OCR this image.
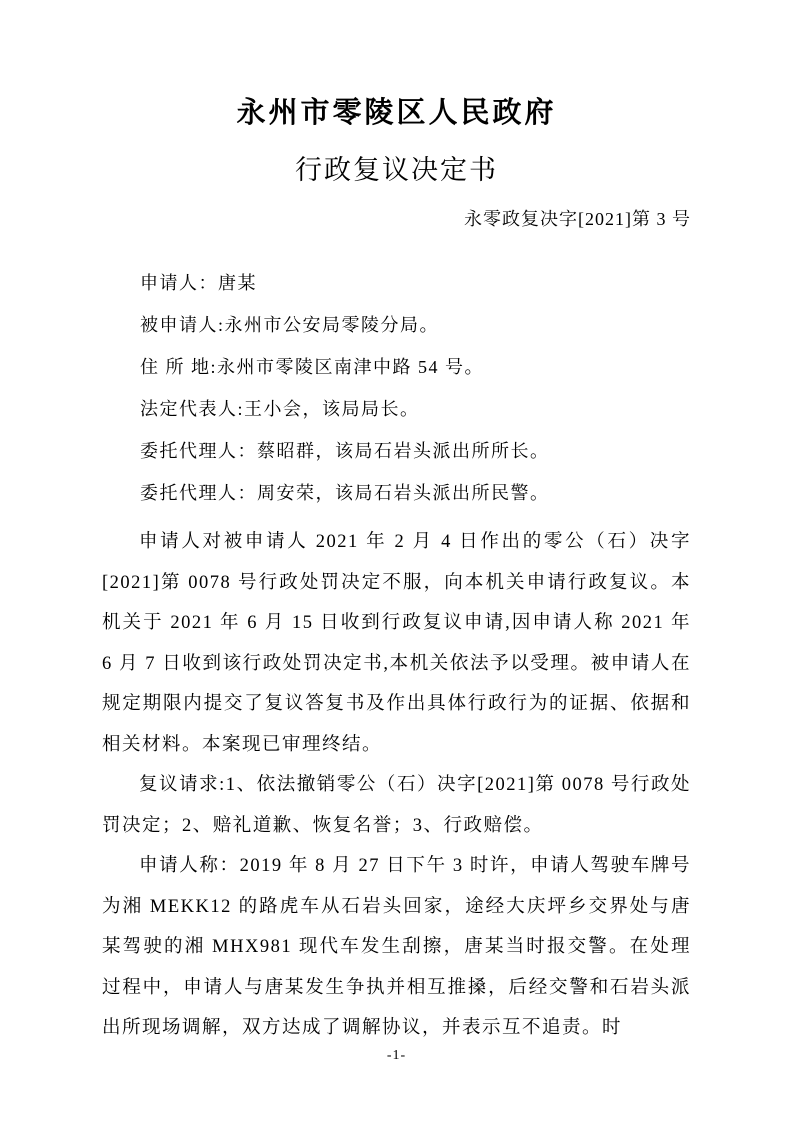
永州市零陵区人民政府
行政复议决定书
永零政复决字[2021]第 3 号

申请人：唐某

被申请人:永州市公安局零陵分局。

住 所 地:永州市零陵区南津中路 54 号。

法定代表人:王小会，该局局长。

委托代理人：蔡昭群，该局石岩头派出所所长。

委托代理人：周安荣，该局石岩头派出所民警。

申请人对被申请人 2021 年 2 月 4 日作出的零公（石）决字[2021]第 0078 号行政处罚决定不服，向本机关申请行政复议。本机关于 2021 年 6 月 15 日收到行政复议申请,因申请人称 2021 年 6 月 7 日收到该行政处罚决定书,本机关依法予以受理。被申请人在规定期限内提交了复议答复书及作出具体行政行为的证据、依据和相关材料。本案现已审理终结。

复议请求:1、依法撤销零公（石）决字[2021]第 0078 号行政处罚决定；2、赔礼道歉、恢复名誉；3、行政赔偿。

申请人称：2019 年 8 月 27 日下午 3 时许，申请人驾驶车牌号为湘 MEKK12 的路虎车从石岩头回家，途经大庆坪乡交界处与唐某驾驶的湘 MHX981 现代车发生刮擦，唐某当时报交警。在处理过程中，申请人与唐某发生争执并相互推搡，后经交警和石岩头派出所现场调解，双方达成了调解协议，并表示互不追责。时

-1-
